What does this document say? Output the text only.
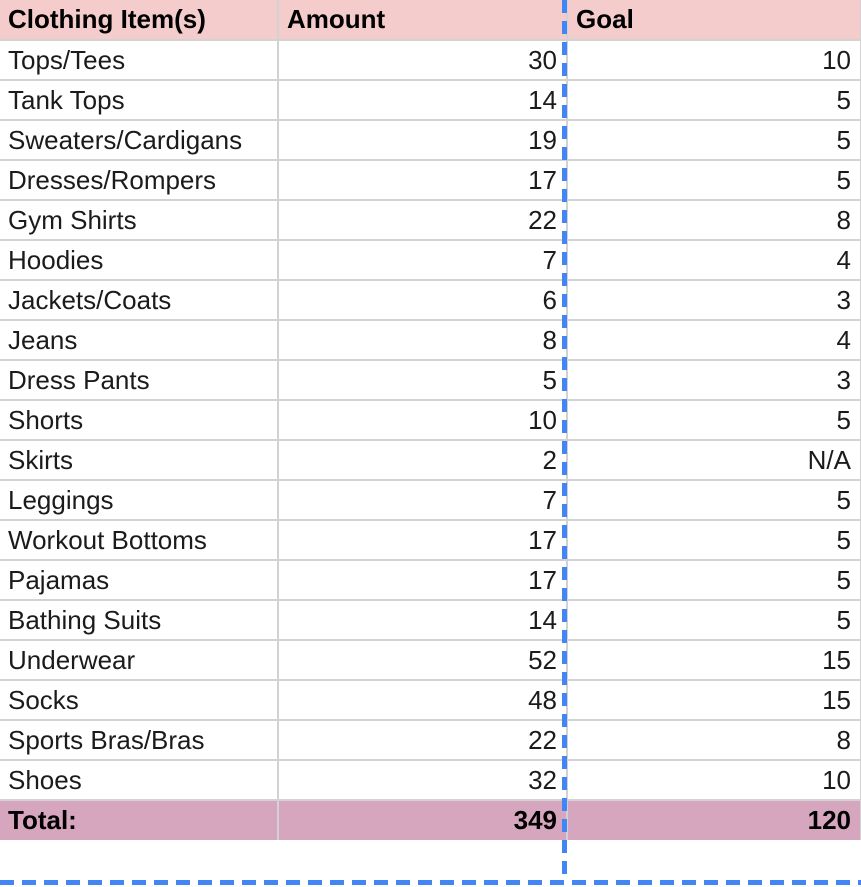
Clothing Item(s)	Amount	Goal
Tops/Tees	30	10
Tank Tops	14	5
Sweaters/Cardigans	19	5
Dresses/Rompers	17	5
Gym Shirts	22	8
Hoodies	7	4
Jackets/Coats	6	3
Jeans	8	4
Dress Pants	5	3
Shorts	10	5
Skirts	2	N/A
Leggings	7	5
Workout Bottoms	17	5
Pajamas	17	5
Bathing Suits	14	5
Underwear	52	15
Socks	48	15
Sports Bras/Bras	22	8
Shoes	32	10
Total:	349	120
